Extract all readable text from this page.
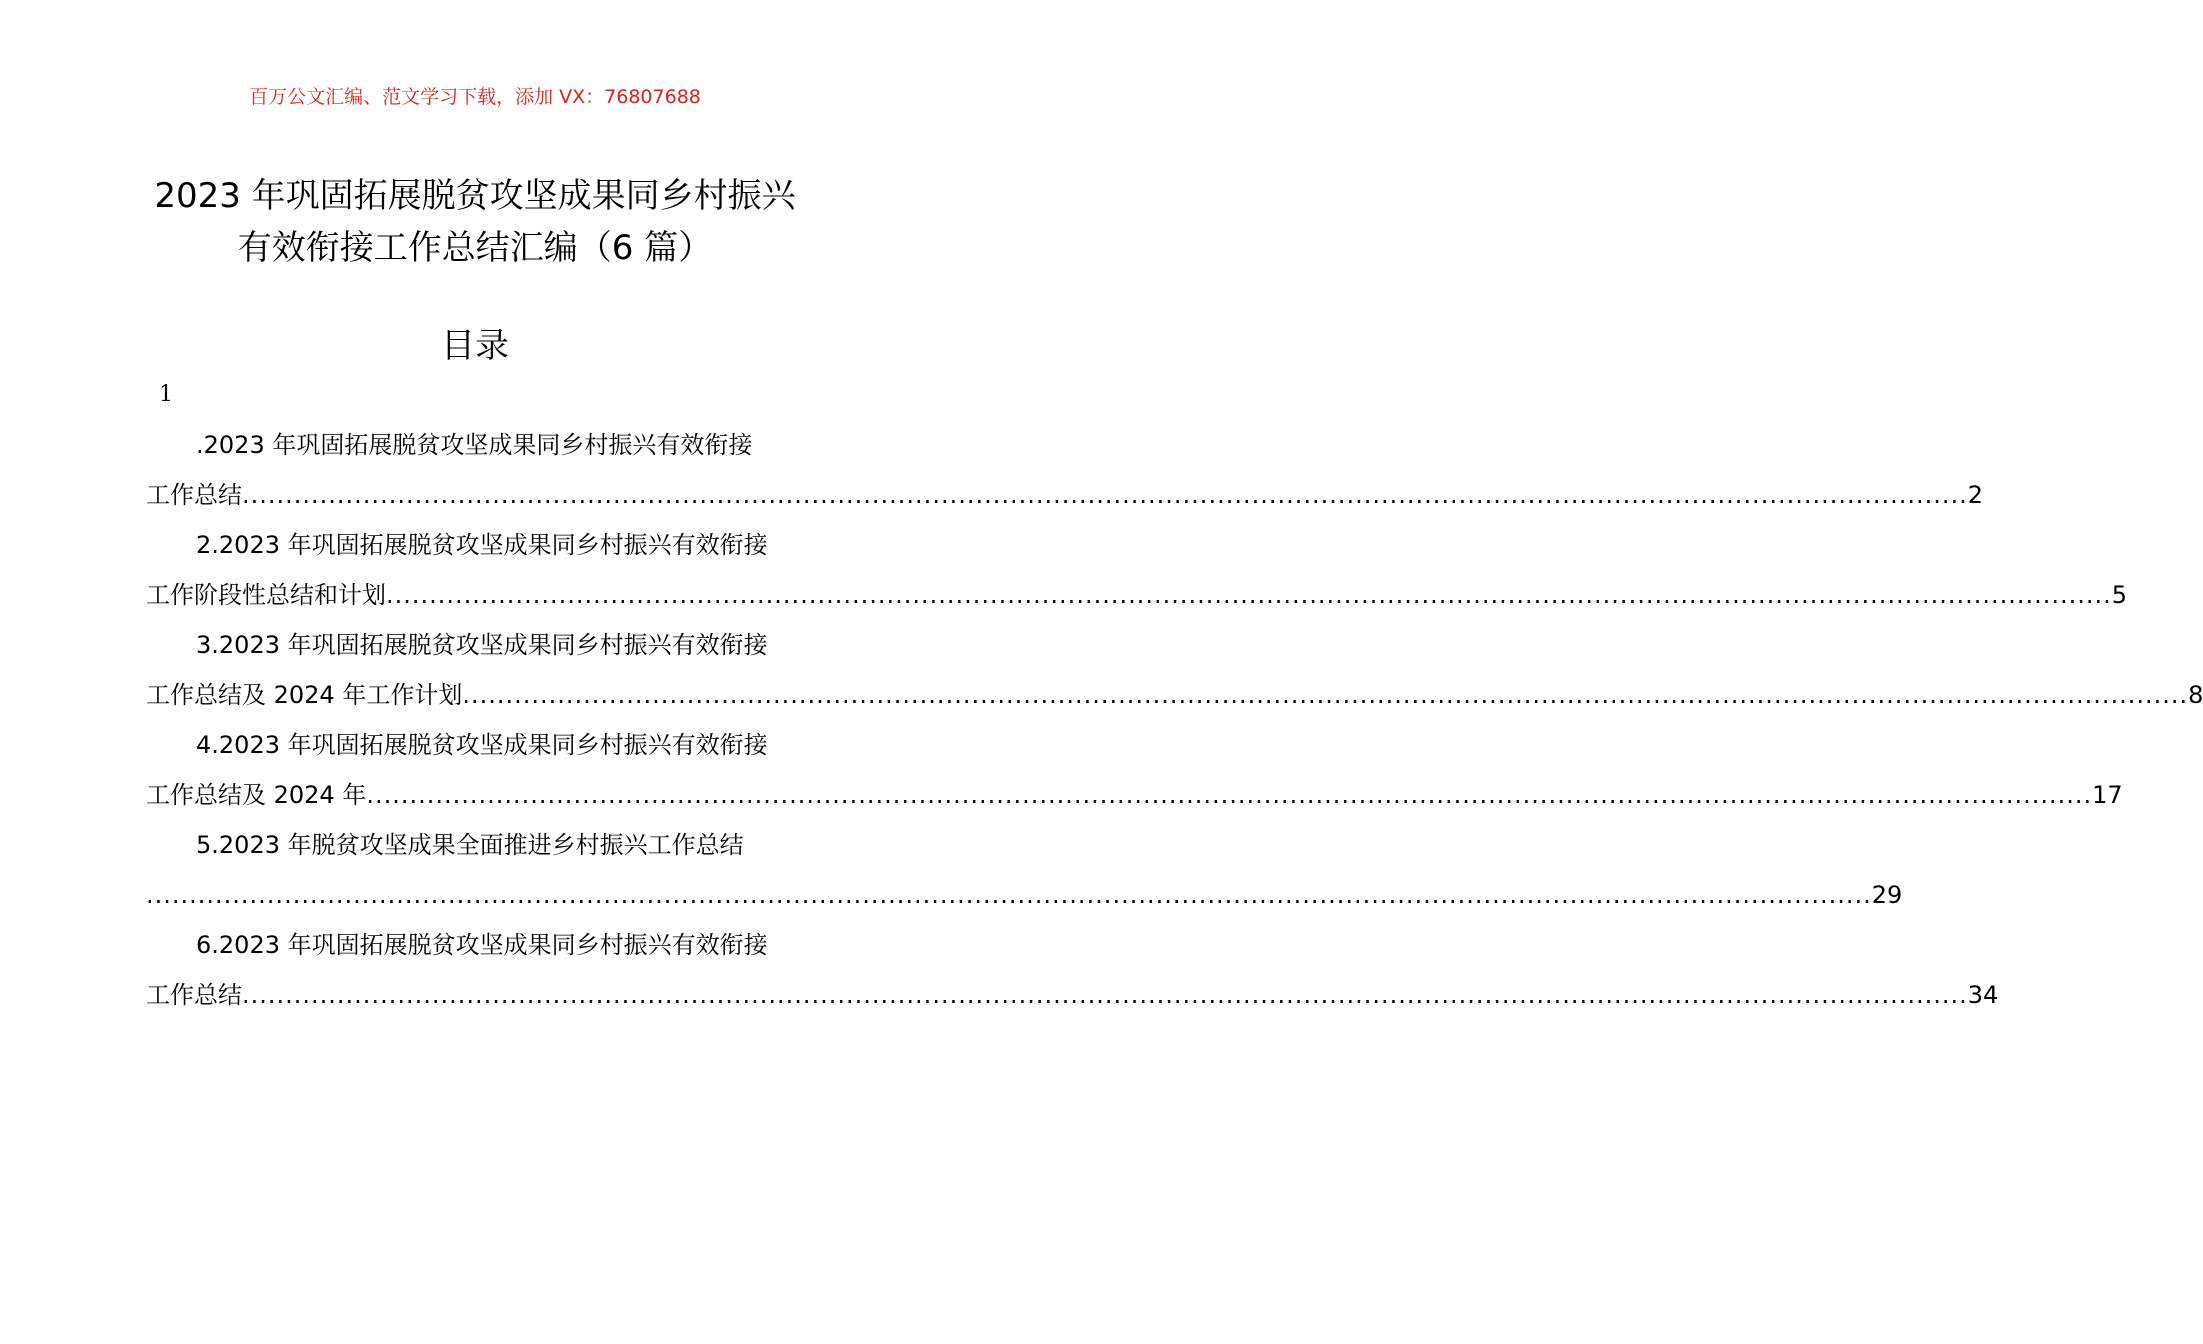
百万公文汇编、范文学习下载，添加 VX：76807688
2023 年巩固拓展脱贫攻坚成果同乡村振兴
有效衔接工作总结汇编（6 篇）
目录
1
.2023 年巩固拓展脱贫攻坚成果同乡村振兴有效衔接
工作总结 ........................................................................................................................................................................................................ 2
2.2023 年巩固拓展脱贫攻坚成果同乡村振兴有效衔接
工作阶段性总结和计划 ........................................................................................................................................................................................................ 5
3.2023 年巩固拓展脱贫攻坚成果同乡村振兴有效衔接
工作总结及 2024 年工作计划 ........................................................................................................................................................................................................ 8
4.2023 年巩固拓展脱贫攻坚成果同乡村振兴有效衔接
工作总结及 2024 年 ........................................................................................................................................................................................................ 17
5.2023 年脱贫攻坚成果全面推进乡村振兴工作总结
........................................................................................................................................................................................................ 29
6.2023 年巩固拓展脱贫攻坚成果同乡村振兴有效衔接
工作总结 ........................................................................................................................................................................................................ 34
